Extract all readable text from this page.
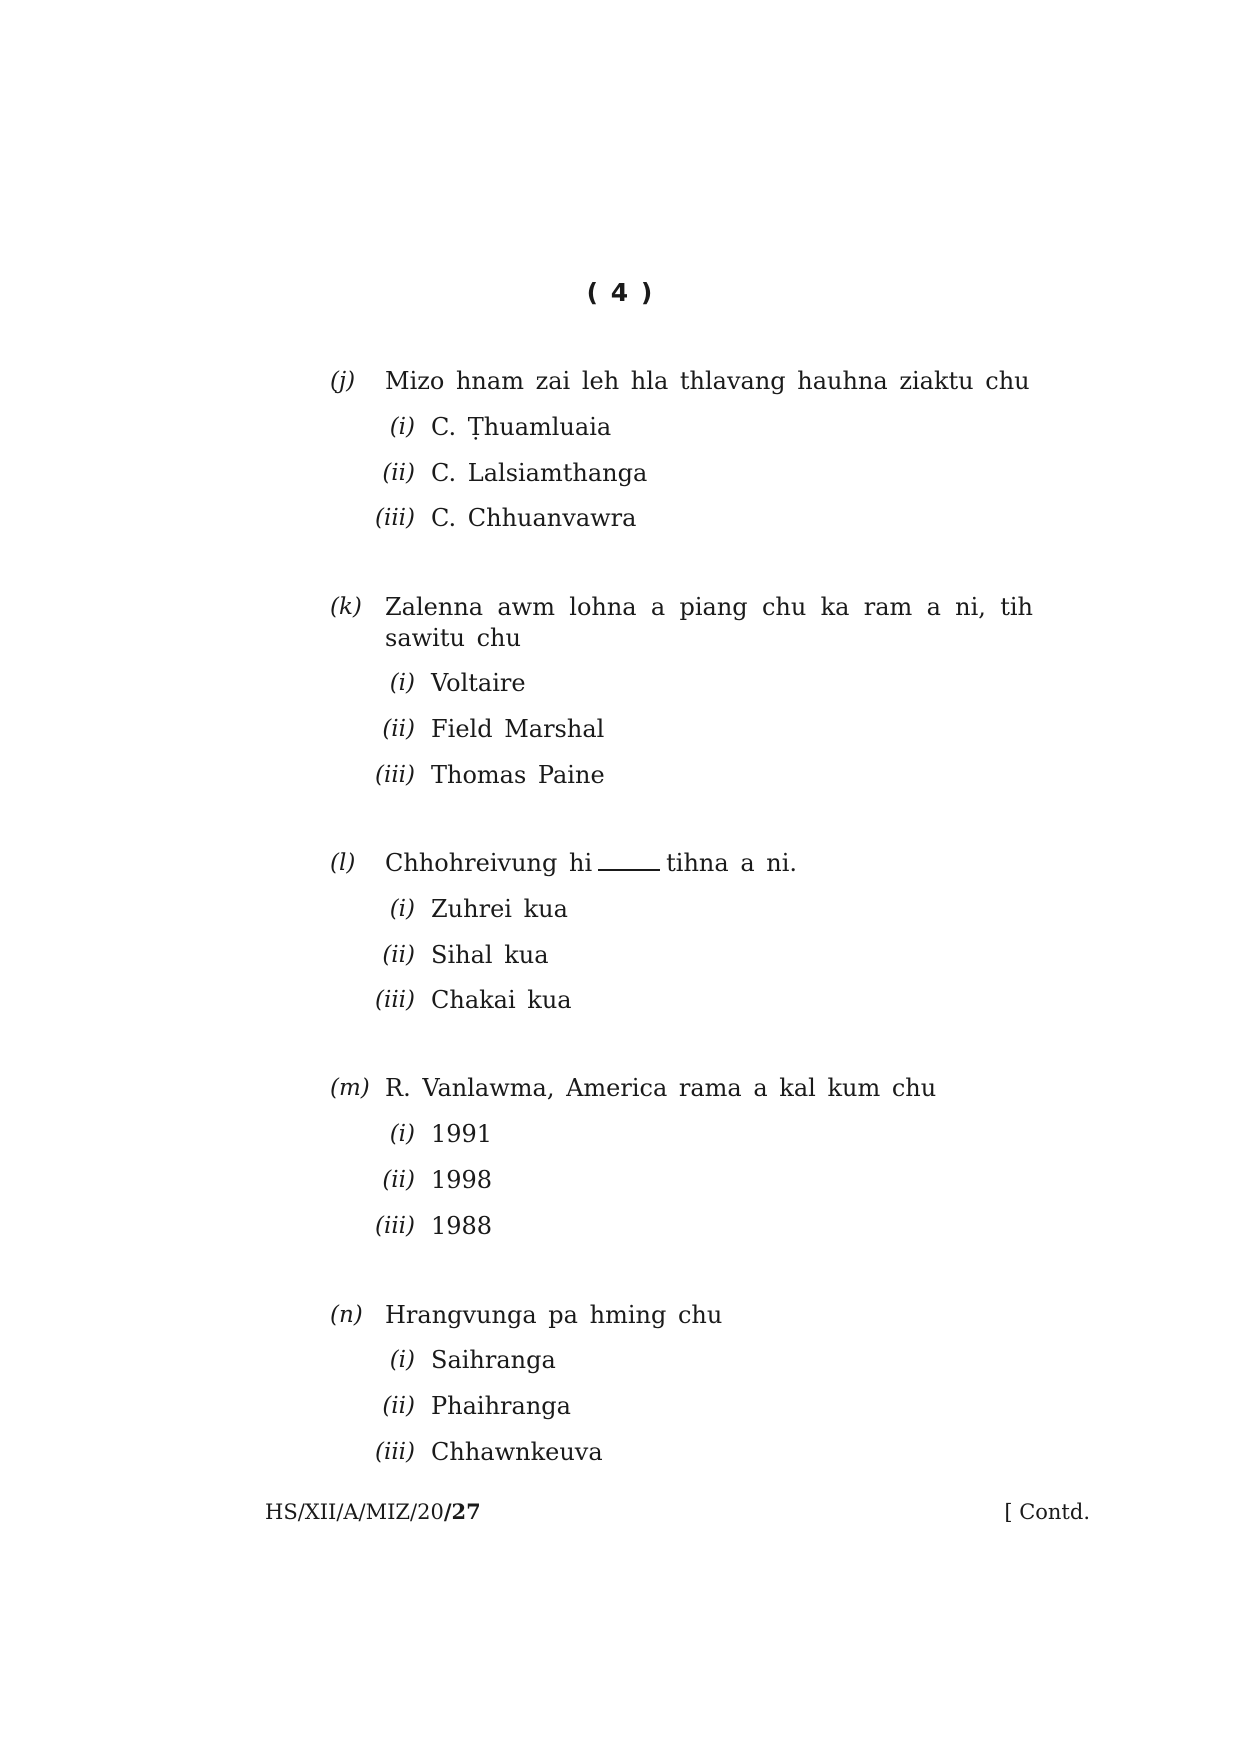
( 4 )
(j) Mizo hnam zai leh hla thlavang hauhna ziaktu chu
(i) C. Ṭhuamluaia
(ii) C. Lalsiamthanga
(iii) C. Chhuanvawra
(k) Zalenna awm lohna a piang chu ka ram a ni, tih sawitu chu
(i) Voltaire
(ii) Field Marshal
(iii) Thomas Paine
(l) Chhohreivung hi	tihna a ni.
(i) Zuhrei kua
(ii) Sihal kua
(iii) Chakai kua
(m) R. Vanlawma, America rama a kal kum chu
(i) 1991
(ii) 1998
(iii) 1988
(n) Hrangvunga pa hming chu
(i) Saihranga
(ii) Phaihranga
(iii) Chhawnkeuva
HS/XII/A/MIZ/20/27	[ Contd.
